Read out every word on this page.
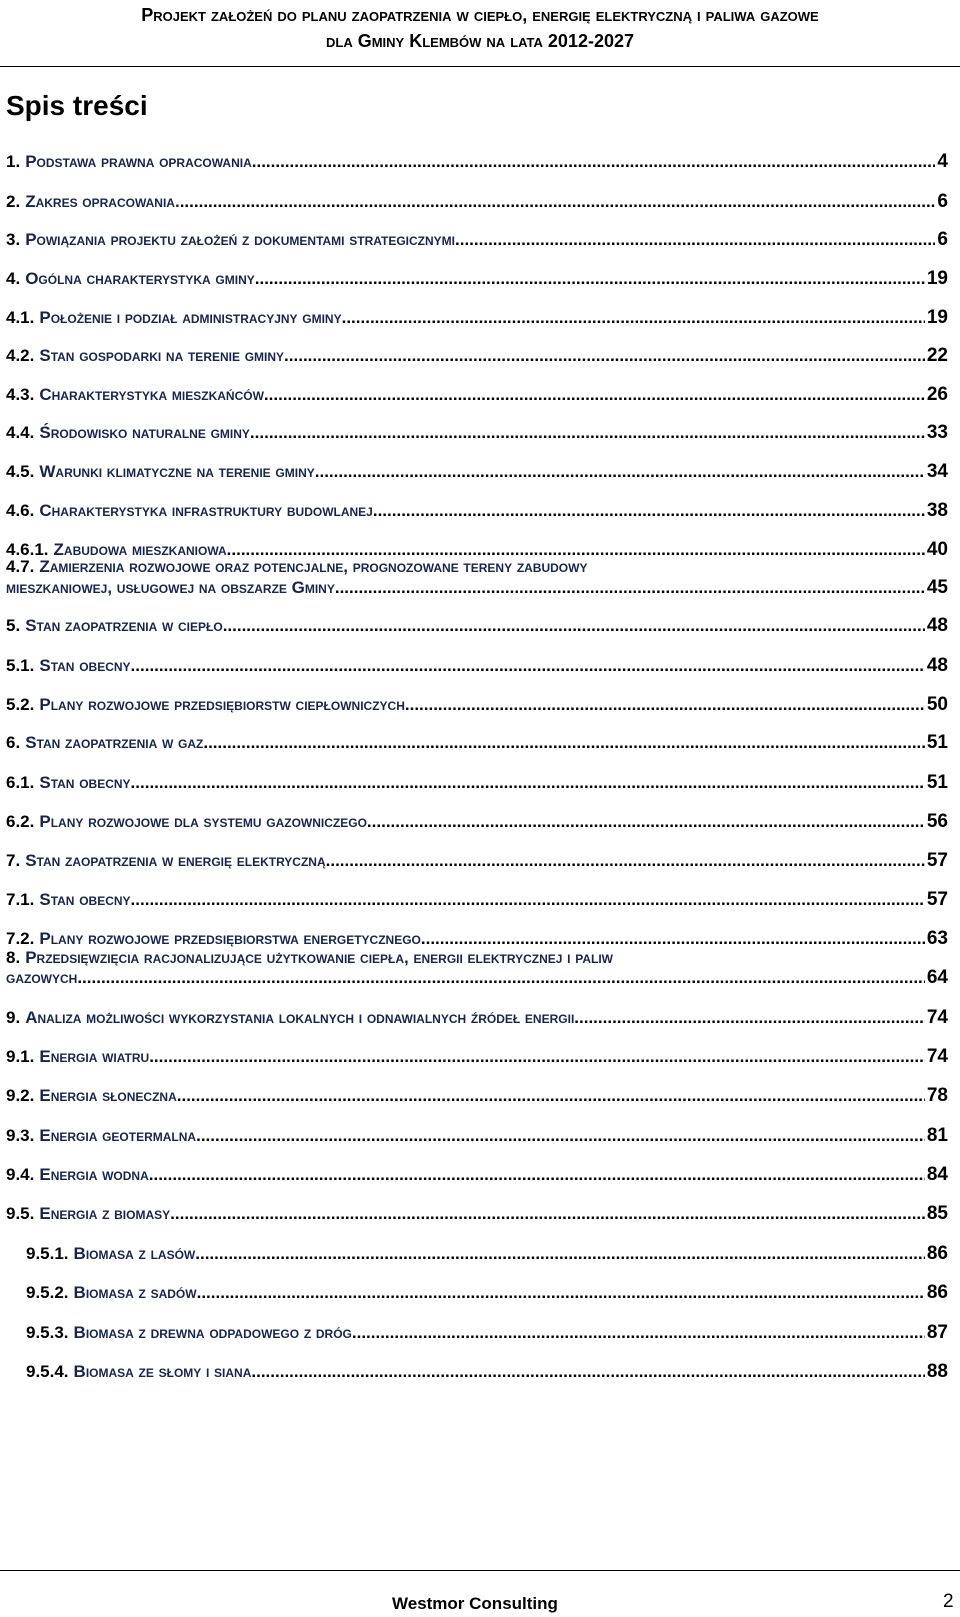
Projekt założeń do planu zaopatrzenia w ciepło, energię elektryczną i paliwa gazowe
dla Gminy Klembów na lata 2012-2027
Spis treści
1. Podstawa prawna opracowania .....	4
2. Zakres opracowania. .....	6
3. Powiązania projektu założeń z dokumentami strategicznymi .....	6
4. Ogólna charakterystyka gminy .....	19
4.1. Położenie i podział administracyjny gminy .....	19
4.2. Stan gospodarki na terenie gminy .....	22
4.3. Charakterystyka mieszkańców .....	26
4.4. Środowisko naturalne gminy .....	33
4.5. Warunki klimatyczne na terenie gminy .....	34
4.6. Charakterystyka infrastruktury budowlanej .....	38
4.6.1. Zabudowa mieszkaniowa .....	40
4.7. Zamierzenia rozwojowe oraz potencjalne, prognozowane tereny zabudowy
mieszkaniowej, usługowej na obszarze Gminy .....	45
5. Stan zaopatrzenia w ciepło .....	48
5.1. Stan obecny .....	48
5.2. Plany rozwojowe przedsiębiorstw ciepłowniczych .....	50
6. Stan zaopatrzenia w gaz .....	51
6.1. Stan obecny .....	51
6.2. Plany rozwojowe dla systemu gazowniczego .....	56
7. Stan zaopatrzenia w energię elektryczną .....	57
7.1. Stan obecny .....	57
7.2. Plany rozwojowe przedsiębiorstwa energetycznego .....	63
8. Przedsięwzięcia racjonalizujące użytkowanie ciepła, energii elektrycznej i paliw
gazowych .....	64
9. Analiza możliwości wykorzystania lokalnych i odnawialnych źródeł energii .....	74
9.1. Energia wiatru .....	74
9.2. Energia słoneczna .....	78
9.3. Energia geotermalna .....	81
9.4. Energia wodna .....	84
9.5. Energia z biomasy .....	85
9.5.1. Biomasa z lasów .....	86
9.5.2. Biomasa z sadów .....	86
9.5.3. Biomasa z drewna odpadowego z dróg .....	87
9.5.4. Biomasa ze słomy i siana .....	88
Westmor Consulting	2
